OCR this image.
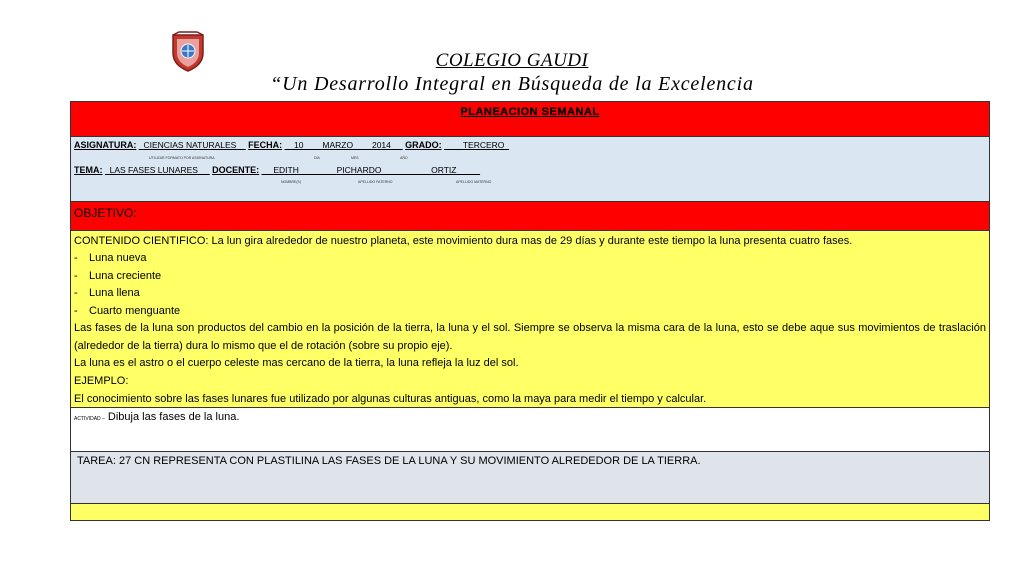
COLEGIO GAUDI
“Un Desarrollo Integral en Búsqueda de la Excelencia
PLANEACION SEMANAL
ASIGNATURA: CIENCIAS NATURALES FECHA: 10 MARZO 2014 GRADO:	TERCERO
UTILIZAR FORMATO POR ASIGNATURA	DÍA	MES	AÑO
TEMA: LAS FASES LUNARES DOCENTE: EDITH	PICHARDO	ORTIZ
NOMBRE(S)	APELLIDO PATERNO	APELLIDO MATERNO
OBJETIVO:
CONTENIDO CIENTIFICO: La lun gira alrededor de nuestro planeta, este movimiento dura mas de 29 días y durante este tiempo la luna presenta cuatro fases.
- Luna nueva
- Luna creciente
- Luna llena
- Cuarto menguante
Las fases de la luna son productos del cambio en la posición de la tierra, la luna y el sol. Siempre se observa la misma cara de la luna, esto se debe aque sus movimientos de traslación (alrededor de la tierra) dura lo mismo que el de rotación (sobre su propio eje).
La luna es el astro o el cuerpo celeste mas cercano de la tierra, la luna refleja la luz del sol.
EJEMPLO:
El conocimiento sobre las fases lunares fue utilizado por algunas culturas antiguas, como la maya para medir el tiempo y calcular.
ACTIVIDAD – Dibuja las fases de la luna.
TAREA: 27 CN REPRESENTA CON PLASTILINA LAS FASES DE LA LUNA Y SU MOVIMIENTO ALREDEDOR DE LA TIERRA.
